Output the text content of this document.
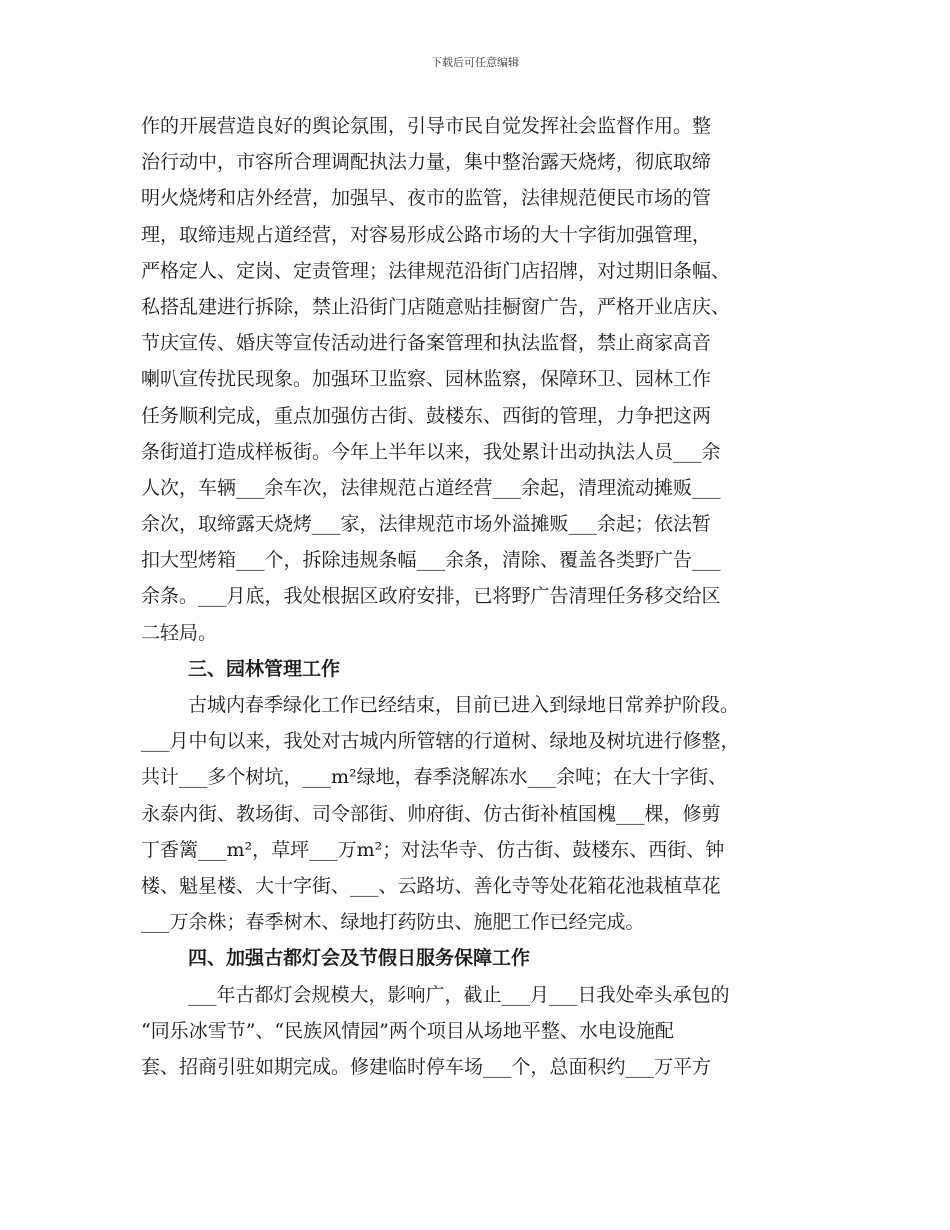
下载后可任意编辑
作的开展营造良好的舆论氛围，引导市民自觉发挥社会监督作用。整
治行动中，市容所合理调配执法力量，集中整治露天烧烤，彻底取缔
明火烧烤和店外经营，加强早、夜市的监管，法律规范便民市场的管
理，取缔违规占道经营，对容易形成公路市场的大十字街加强管理，
严格定人、定岗、定责管理；法律规范沿街门店招牌，对过期旧条幅、
私搭乱建进行拆除，禁止沿街门店随意贴挂橱窗广告，严格开业店庆、
节庆宣传、婚庆等宣传活动进行备案管理和执法监督，禁止商家高音
喇叭宣传扰民现象。加强环卫监察、园林监察，保障环卫、园林工作
任务顺利完成，重点加强仿古街、鼓楼东、西街的管理，力争把这两
条街道打造成样板街。今年上半年以来，我处累计出动执法人员___余
人次，车辆___余车次，法律规范占道经营___余起，清理流动摊贩___
余次，取缔露天烧烤___家，法律规范市场外溢摊贩___余起；依法暂
扣大型烤箱___个，拆除违规条幅___余条，清除、覆盖各类野广告___
余条。___月底，我处根据区政府安排，已将野广告清理任务移交给区
二轻局。
三、园林管理工作
古城内春季绿化工作已经结束，目前已进入到绿地日常养护阶段。
___月中旬以来，我处对古城内所管辖的行道树、绿地及树坑进行修整，
共计___多个树坑，___m²绿地，春季浇解冻水___余吨；在大十字街、
永泰内街、教场街、司令部街、帅府街、仿古街补植国槐___棵，修剪
丁香篱___m²，草坪___万m²；对法华寺、仿古街、鼓楼东、西街、钟
楼、魁星楼、大十字街、___、云路坊、善化寺等处花箱花池栽植草花
___万余株；春季树木、绿地打药防虫、施肥工作已经完成。
四、加强古都灯会及节假日服务保障工作
___年古都灯会规模大，影响广，截止___月___日我处牵头承包的
“同乐冰雪节”、“民族风情园”两个项目从场地平整、水电设施配
套、招商引驻如期完成。修建临时停车场___个，总面积约___万平方
